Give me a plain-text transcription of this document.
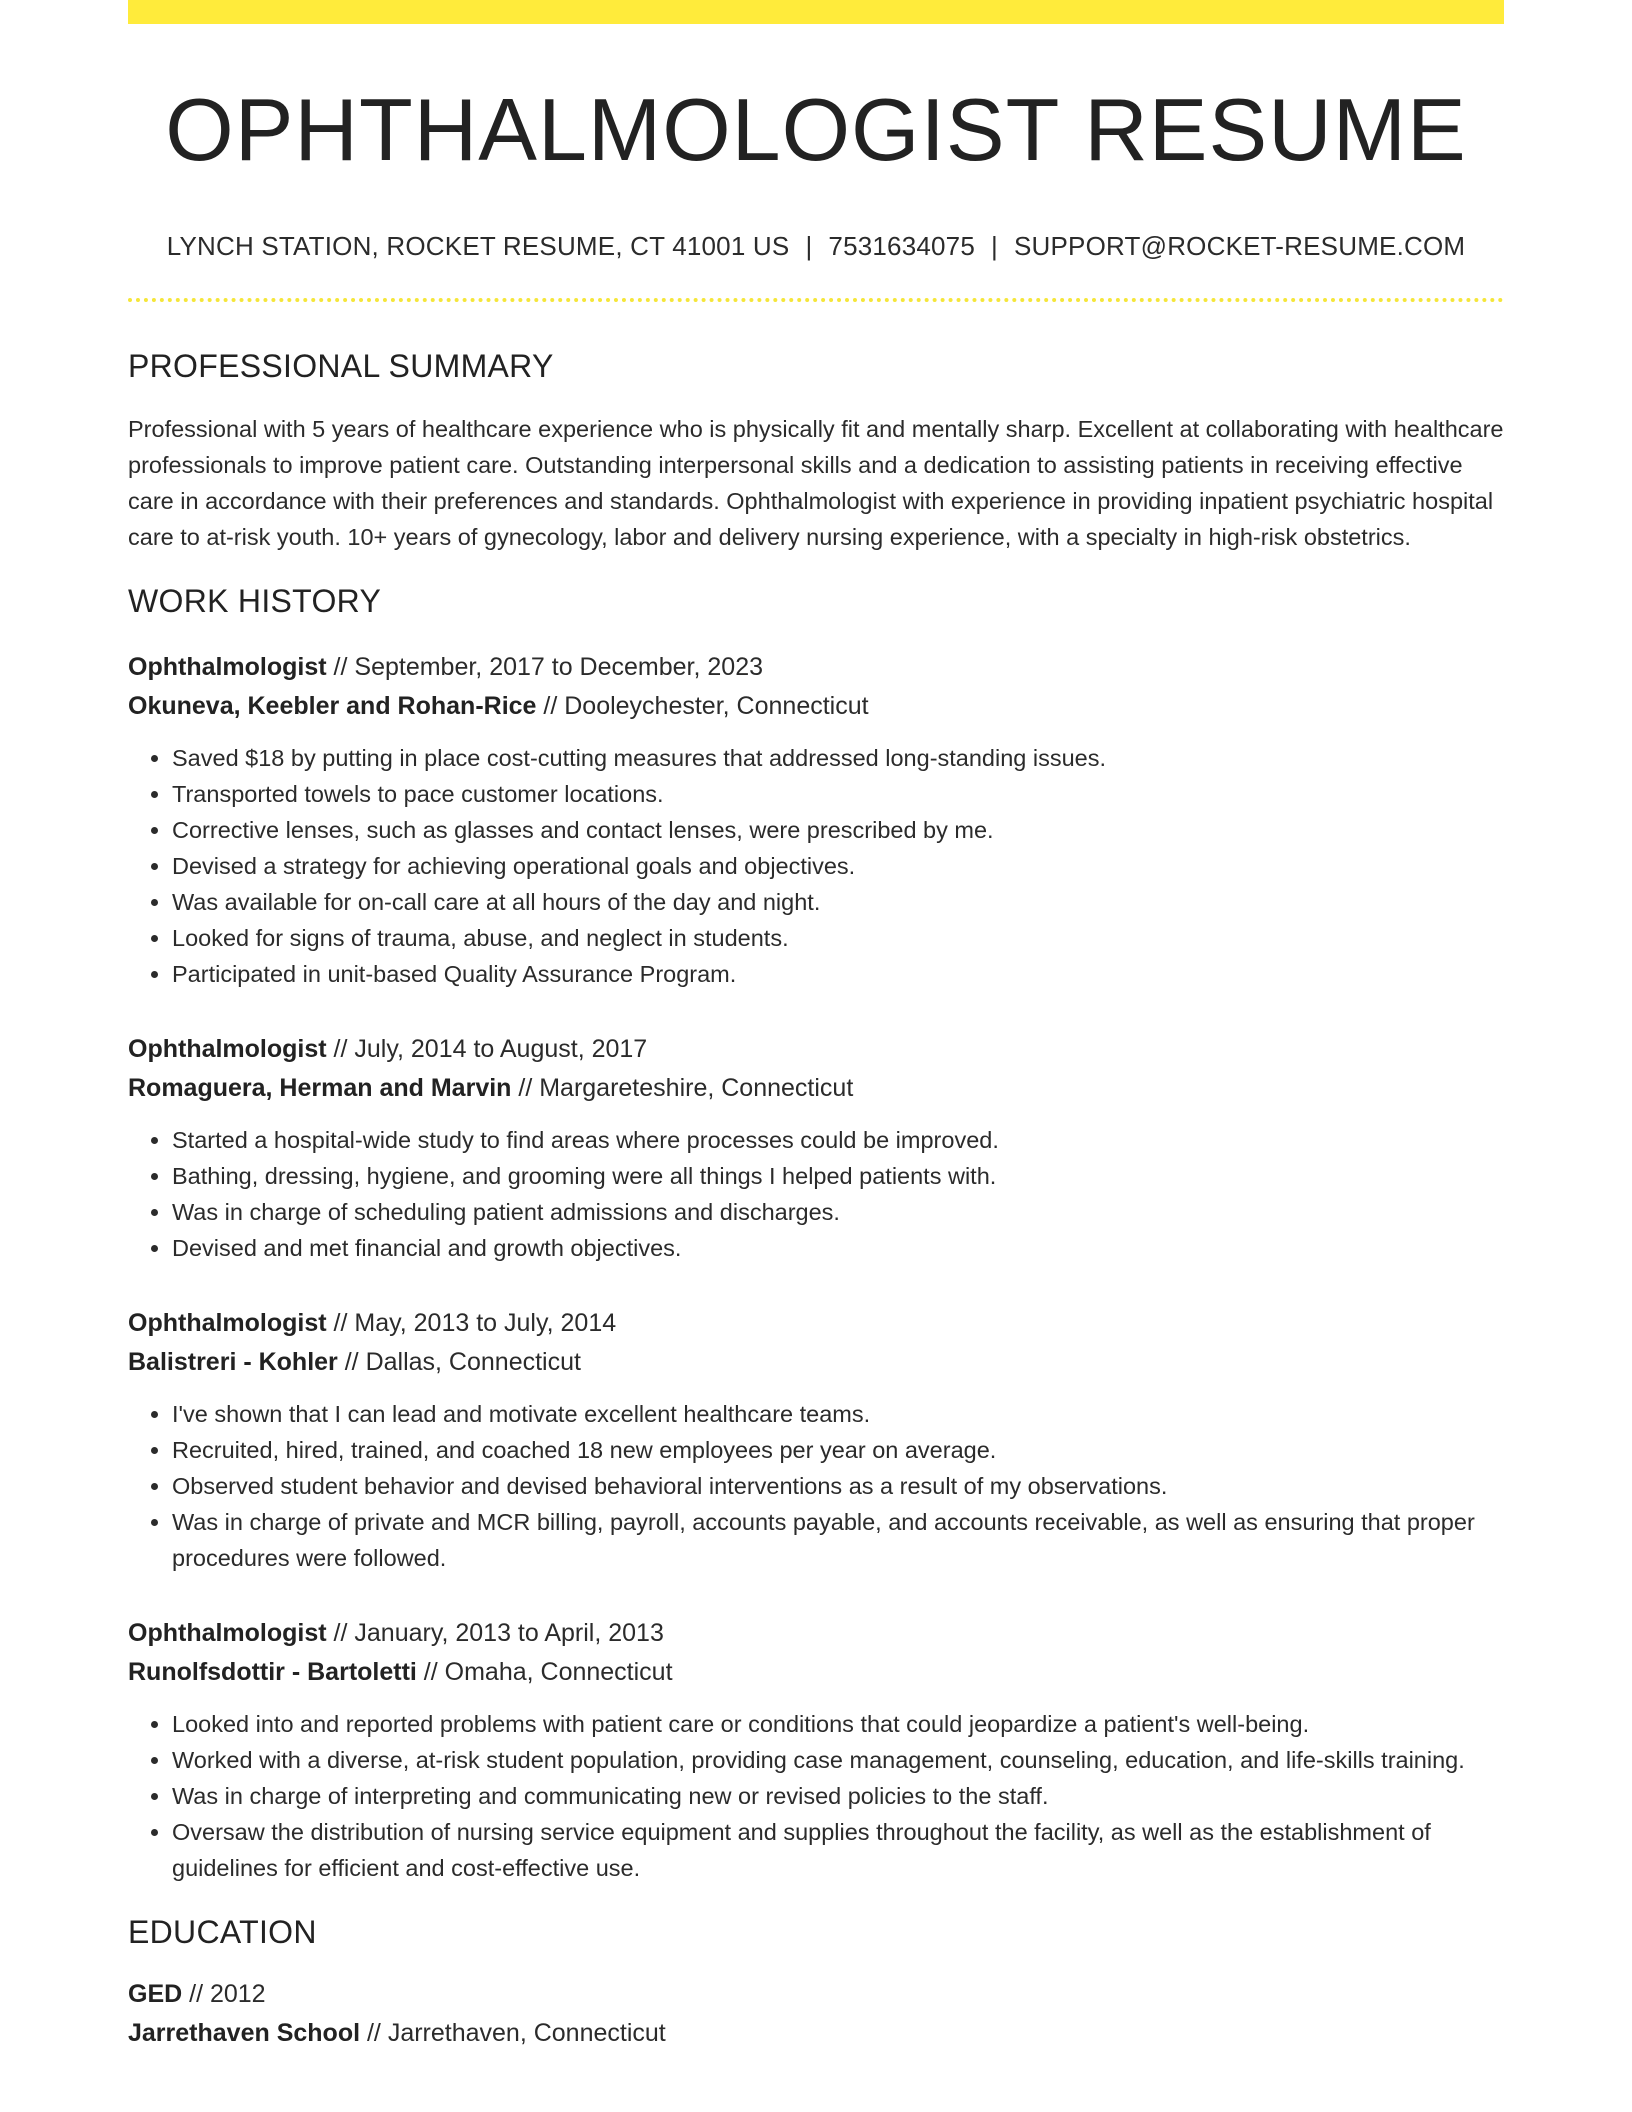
OPHTHALMOLOGIST RESUME
LYNCH STATION, ROCKET RESUME, CT 41001 US | 7531634075 | SUPPORT@ROCKET-RESUME.COM
PROFESSIONAL SUMMARY

Professional with 5 years of healthcare experience who is physically fit and mentally sharp. Excellent at collaborating with healthcare professionals to improve patient care. Outstanding interpersonal skills and a dedication to assisting patients in receiving effective care in accordance with their preferences and standards. Ophthalmologist with experience in providing inpatient psychiatric hospital care to at-risk youth. 10+ years of gynecology, labor and delivery nursing experience, with a specialty in high-risk obstetrics.

WORK HISTORY
Ophthalmologist // September, 2017 to December, 2023
Okuneva, Keebler and Rohan-Rice // Dooleychester, Connecticut
• Saved $18 by putting in place cost-cutting measures that addressed long-standing issues.
• Transported towels to pace customer locations.
• Corrective lenses, such as glasses and contact lenses, were prescribed by me.
• Devised a strategy for achieving operational goals and objectives.
• Was available for on-call care at all hours of the day and night.
• Looked for signs of trauma, abuse, and neglect in students.
• Participated in unit-based Quality Assurance Program.
Ophthalmologist // July, 2014 to August, 2017
Romaguera, Herman and Marvin // Margareteshire, Connecticut
• Started a hospital-wide study to find areas where processes could be improved.
• Bathing, dressing, hygiene, and grooming were all things I helped patients with.
• Was in charge of scheduling patient admissions and discharges.
• Devised and met financial and growth objectives.
Ophthalmologist // May, 2013 to July, 2014
Balistreri - Kohler // Dallas, Connecticut
• I've shown that I can lead and motivate excellent healthcare teams.
• Recruited, hired, trained, and coached 18 new employees per year on average.
• Observed student behavior and devised behavioral interventions as a result of my observations.
• Was in charge of private and MCR billing, payroll, accounts payable, and accounts receivable, as well as ensuring that proper procedures were followed.
Ophthalmologist // January, 2013 to April, 2013
Runolfsdottir - Bartoletti // Omaha, Connecticut
• Looked into and reported problems with patient care or conditions that could jeopardize a patient's well-being.
• Worked with a diverse, at-risk student population, providing case management, counseling, education, and life-skills training.
• Was in charge of interpreting and communicating new or revised policies to the staff.
• Oversaw the distribution of nursing service equipment and supplies throughout the facility, as well as the establishment of guidelines for efficient and cost-effective use.
EDUCATION
GED // 2012
Jarrethaven School // Jarrethaven, Connecticut
